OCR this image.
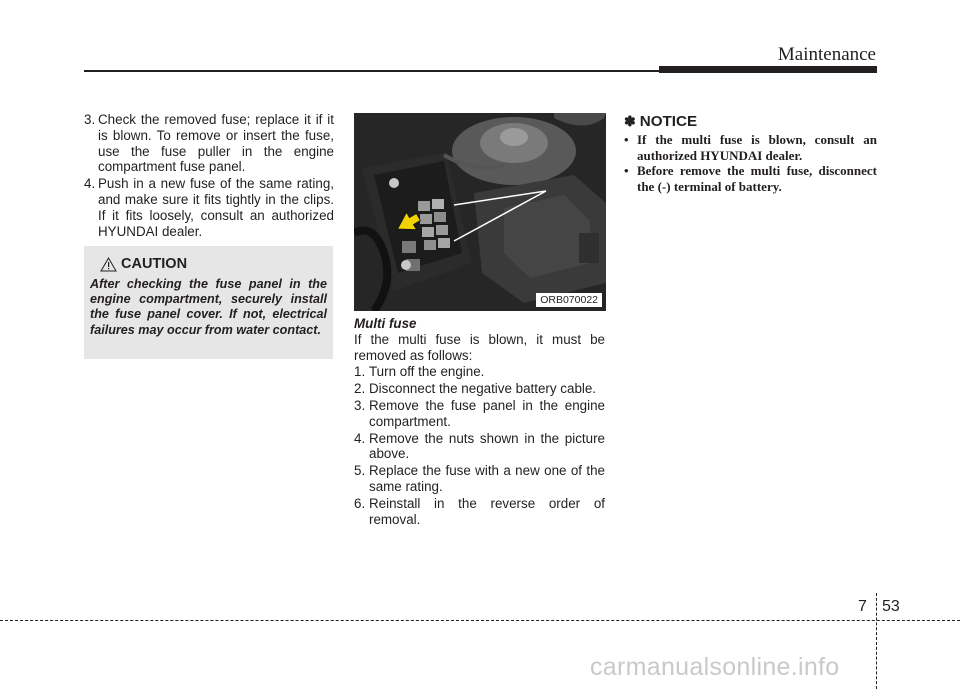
Maintenance
3. Check the removed fuse; replace it if it is blown. To remove or insert the fuse, use the fuse puller in the engine compartment fuse panel.
4. Push in a new fuse of the same rating, and make sure it fits tightly in the clips. If it fits loosely, consult an authorized HYUNDAI dealer.
CAUTION
After checking the fuse panel in the engine compartment, securely install the fuse panel cover. If not, electrical failures may occur from water contact.
ORB070022
Multi fuse
If the multi fuse is blown, it must be removed as follows:
1. Turn off the engine.
2. Disconnect the negative battery cable.
3. Remove the fuse panel in the engine compartment.
4. Remove the nuts shown in the picture above.
5. Replace the fuse with a new one of the same rating.
6. Reinstall in the reverse order of removal.
✽ NOTICE
• If the multi fuse is blown, consult an authorized HYUNDAI dealer.
• Before remove the multi fuse, disconnect the (-) terminal of battery.
7 53
carmanualsonline.info
